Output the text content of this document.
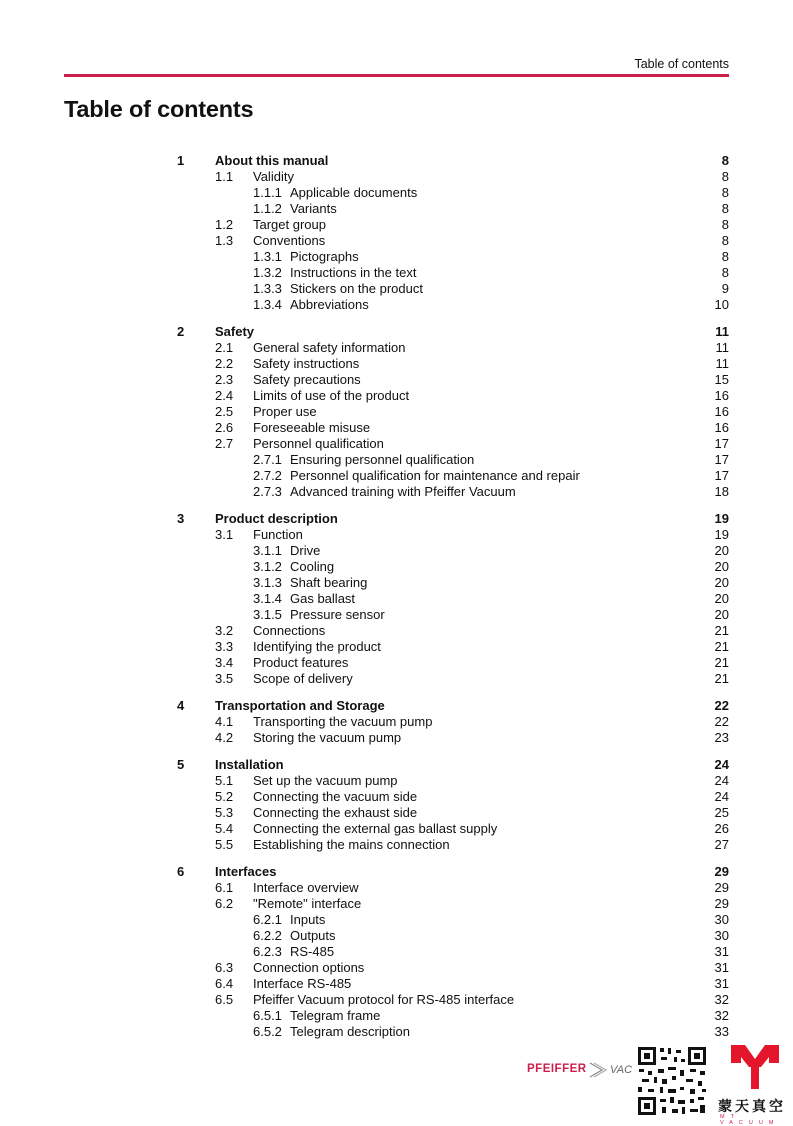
Table of contents
Table of contents
1 About this manual	8
1.1 Validity	8
1.1.1 Applicable documents	8
1.1.2 Variants	8
1.2 Target group	8
1.3 Conventions	8
1.3.1 Pictographs	8
1.3.2 Instructions in the text	8
1.3.3 Stickers on the product	9
1.3.4 Abbreviations	10
2 Safety	11
2.1 General safety information	11
2.2 Safety instructions	11
2.3 Safety precautions	15
2.4 Limits of use of the product	16
2.5 Proper use	16
2.6 Foreseeable misuse	16
2.7 Personnel qualification	17
2.7.1 Ensuring personnel qualification	17
2.7.2 Personnel qualification for maintenance and repair	17
2.7.3 Advanced training with Pfeiffer Vacuum	18
3 Product description	19
3.1 Function	19
3.1.1 Drive	20
3.1.2 Cooling	20
3.1.3 Shaft bearing	20
3.1.4 Gas ballast	20
3.1.5 Pressure sensor	20
3.2 Connections	21
3.3 Identifying the product	21
3.4 Product features	21
3.5 Scope of delivery	21
4 Transportation and Storage	22
4.1 Transporting the vacuum pump	22
4.2 Storing the vacuum pump	23
5 Installation	24
5.1 Set up the vacuum pump	24
5.2 Connecting the vacuum side	24
5.3 Connecting the exhaust side	25
5.4 Connecting the external gas ballast supply	26
5.5 Establishing the mains connection	27
6 Interfaces	29
6.1 Interface overview	29
6.2 "Remote" interface	29
6.2.1 Inputs	30
6.2.2 Outputs	30
6.2.3 RS-485	31
6.3 Connection options	31
6.4 Interface RS-485	31
6.5 Pfeiffer Vacuum protocol for RS-485 interface	32
6.5.1 Telegram frame	32
6.5.2 Telegram description	33
PFEIFFER VAC
蒙天真空
MT VACUUM
